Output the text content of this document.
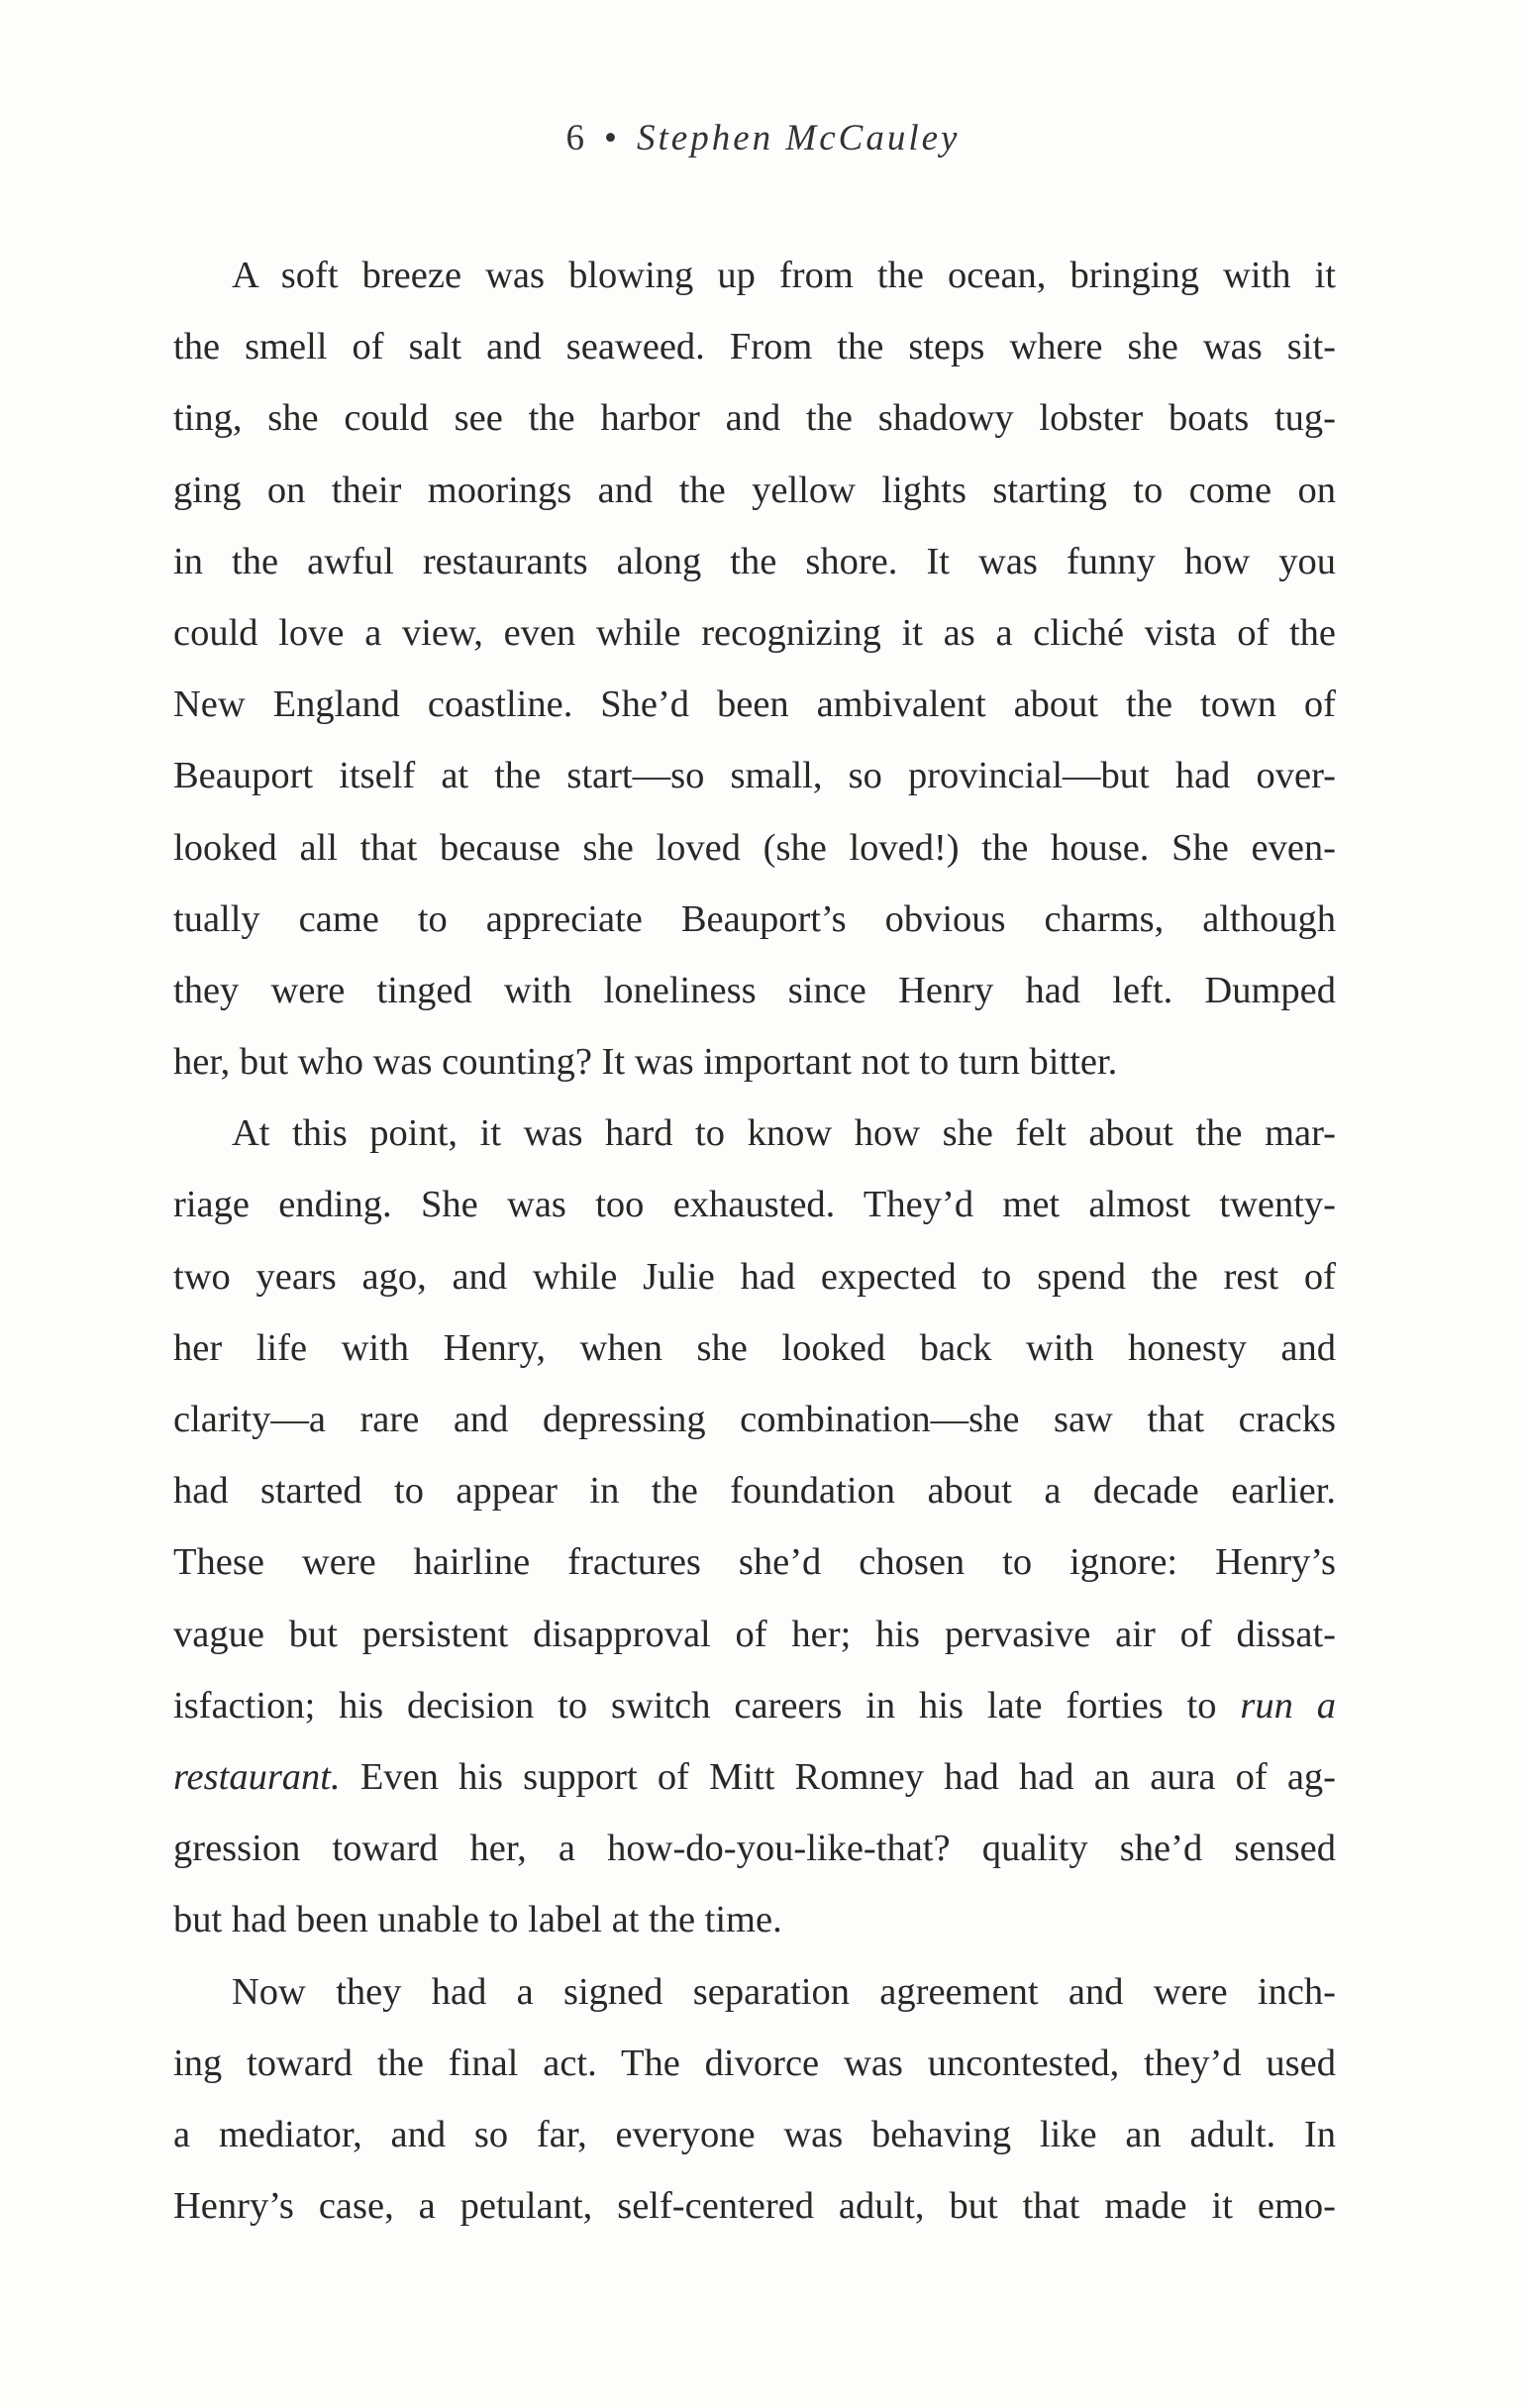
6 • Stephen McCauley
A soft breeze was blowing up from the ocean, bringing with it
the smell of salt and seaweed. From the steps where she was sit-
ting, she could see the harbor and the shadowy lobster boats tug-
ging on their moorings and the yellow lights starting to come on
in the awful restaurants along the shore. It was funny how you
could love a view, even while recognizing it as a cliché vista of the
New England coastline. She’d been ambivalent about the town of
Beauport itself at the start—so small, so provincial—but had over-
looked all that because she loved (she loved!) the house. She even-
tually came to appreciate Beauport’s obvious charms, although
they were tinged with loneliness since Henry had left. Dumped
her, but who was counting? It was important not to turn bitter.
At this point, it was hard to know how she felt about the mar-
riage ending. She was too exhausted. They’d met almost twenty-
two years ago, and while Julie had expected to spend the rest of
her life with Henry, when she looked back with honesty and
clarity—a rare and depressing combination—she saw that cracks
had started to appear in the foundation about a decade earlier.
These were hairline fractures she’d chosen to ignore: Henry’s
vague but persistent disapproval of her; his pervasive air of dissat-
isfaction; his decision to switch careers in his late forties to run a
restaurant. Even his support of Mitt Romney had had an aura of ag-
gression toward her, a how-do-you-like-that? quality she’d sensed
but had been unable to label at the time.
Now they had a signed separation agreement and were inch-
ing toward the final act. The divorce was uncontested, they’d used
a mediator, and so far, everyone was behaving like an adult. In
Henry’s case, a petulant, self-centered adult, but that made it emo-
